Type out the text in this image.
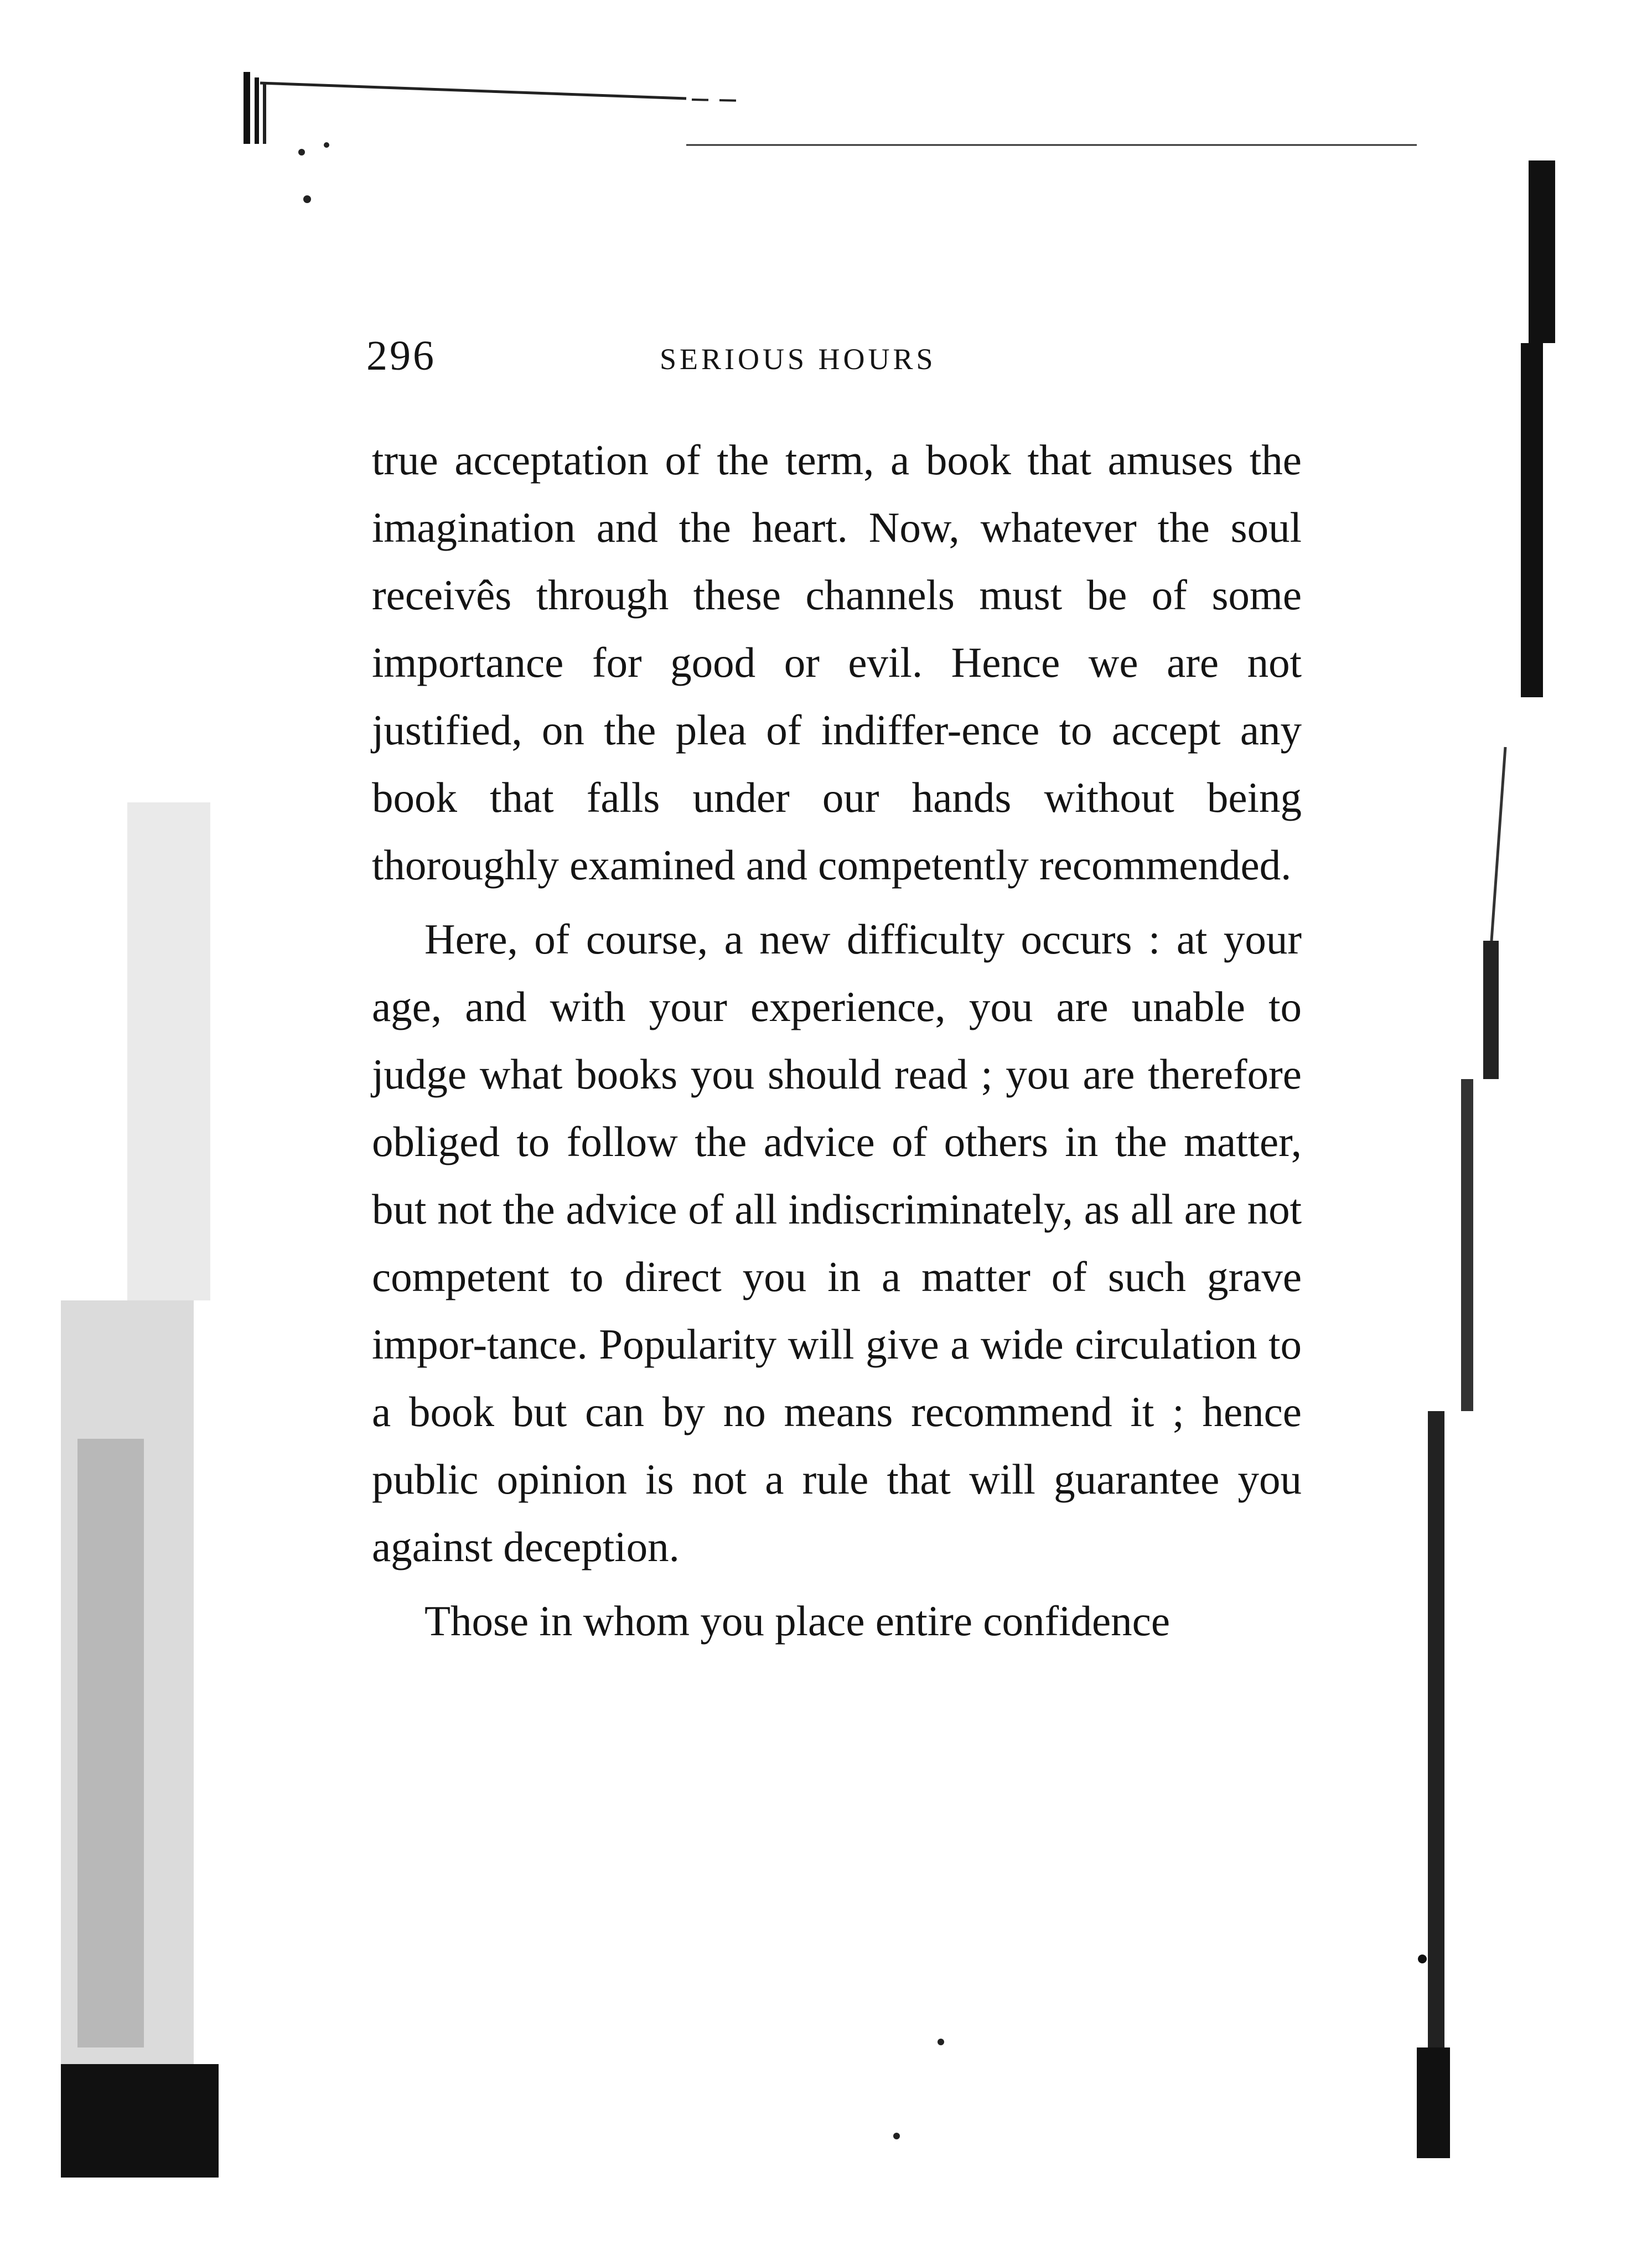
296	SERIOUS HOURS

true acceptation of the term, a book that amuses the imagination and the heart. Now, whatever the soul receivês through these channels must be of some importance for good or evil. Hence we are not justified, on the plea of indiffer-ence to accept any book that falls under our hands without being thoroughly examined and competently recommended.

Here, of course, a new difficulty occurs : at your age, and with your experience, you are unable to judge what books you should read ; you are therefore obliged to follow the advice of others in the matter, but not the advice of all indiscriminately, as all are not competent to direct you in a matter of such grave impor-tance. Popularity will give a wide circulation to a book but can by no means recommend it ; hence public opinion is not a rule that will guarantee you against deception.

Those in whom you place entire confidence
